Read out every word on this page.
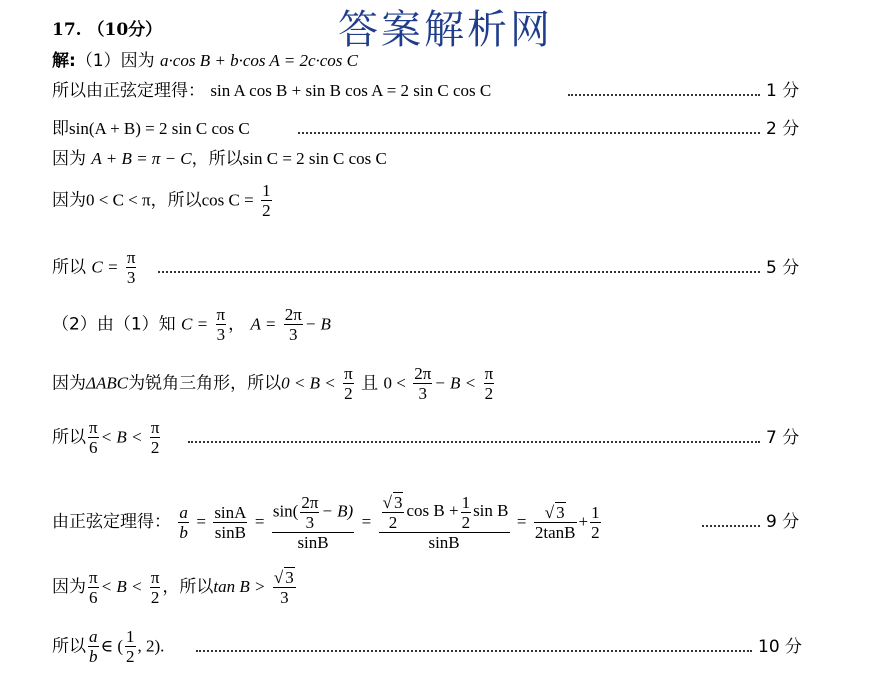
答案解析网
17. （10分）
解:（1）因为 a·cos B + b·cos A = 2c·cos C
所以由正弦定理得： sin A cos B + sin B cos A = 2 sin C cos C	1 分
即sin(A + B) = 2 sin C cos C	2 分
因为 A + B = π − C，所以sin C = 2 sin C cos C
因为0 < C < π，所以$\cos C = \frac{1}{2}$
所以 $C = \frac{\pi}{3}$	5 分
（2）由（1）知 $C = \frac{\pi}{3}$ ， $A = \frac{2\pi}{3} - B$
因为ΔABC为锐角三角形，所以$0 < B < \frac{\pi}{2}$ 且 $0 < \frac{2\pi}{3} - B < \frac{\pi}{2}$
所以 $\frac{\pi}{6} < B < \frac{\pi}{2}$	7 分
由正弦定理得： $\frac{a}{b} = \frac{\sin A}{\sin B} = \frac{\sin( \frac{2\pi}{3} - B)}{\sin B} = \frac{\frac{√ 3}{2} \cos B + \frac{1}{2} \sin B}{\sin B} = \frac{√ 3}{2\tan B} + \frac{1}{2}$	9 分
因为 $\frac{\pi}{6} < B < \frac{\pi}{2}$ ，所以$\tan B > \frac{√ 3}{3}$
所以 $\frac{a}{b}$ ∈ ( $\frac{1}{2}$ , 2).	10 分
